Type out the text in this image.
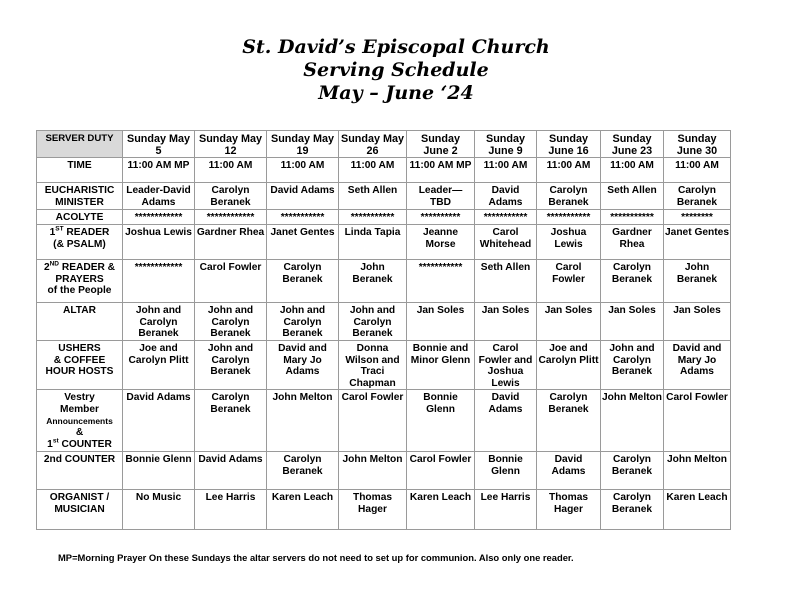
St. David’s Episcopal Church
Serving Schedule
May – June ‘24
SERVER DUTY	Sunday May 5	Sunday May 12	Sunday May 19	Sunday May 26	Sunday June 2	Sunday June 9	Sunday June 16	Sunday June 23	Sunday June 30
TIME	11:00 AM MP	11:00 AM	11:00 AM	11:00 AM	11:00 AM MP	11:00 AM	11:00 AM	11:00 AM	11:00 AM
EUCHARISTIC MINISTER	Leader-David Adams	Carolyn Beranek	David Adams	Seth Allen	Leader— TBD	David Adams	Carolyn Beranek	Seth Allen	Carolyn Beranek
ACOLYTE	************	************	***********	***********	**********	***********	***********	***********	********
1ST READER
(& PSALM)	Joshua Lewis	Gardner Rhea	Janet Gentes	Linda Tapia	Jeanne Morse	Carol Whitehead	Joshua Lewis	Gardner Rhea	Janet Gentes
2ND READER &
PRAYERS
of the People	************	Carol Fowler	Carolyn Beranek	John Beranek	***********	Seth Allen	Carol Fowler	Carolyn Beranek	John Beranek
ALTAR	John and Carolyn Beranek	John and Carolyn Beranek	John and Carolyn Beranek	John and Carolyn Beranek	Jan Soles	Jan Soles	Jan Soles	Jan Soles	Jan Soles
USHERS
& COFFEE
HOUR HOSTS	Joe and Carolyn Plitt	John and Carolyn Beranek	David and Mary Jo Adams	Donna Wilson and Traci Chapman	Bonnie and Minor Glenn	Carol Fowler and Joshua Lewis	Joe and Carolyn Plitt	John and Carolyn Beranek	David and Mary Jo Adams
Vestry
Member
Announcements
&
1st COUNTER	David Adams	Carolyn Beranek	John Melton	Carol Fowler	Bonnie Glenn	David Adams	Carolyn Beranek	John Melton	Carol Fowler
2nd COUNTER	Bonnie Glenn	David Adams	Carolyn Beranek	John Melton	Carol Fowler	Bonnie Glenn	David Adams	Carolyn Beranek	John Melton
ORGANIST / MUSICIAN	No Music	Lee Harris	Karen Leach	Thomas Hager	Karen Leach	Lee Harris	Thomas Hager	Carolyn Beranek	Karen Leach
MP=Morning Prayer On these Sundays the altar servers do not need to set up for communion. Also only one reader.
